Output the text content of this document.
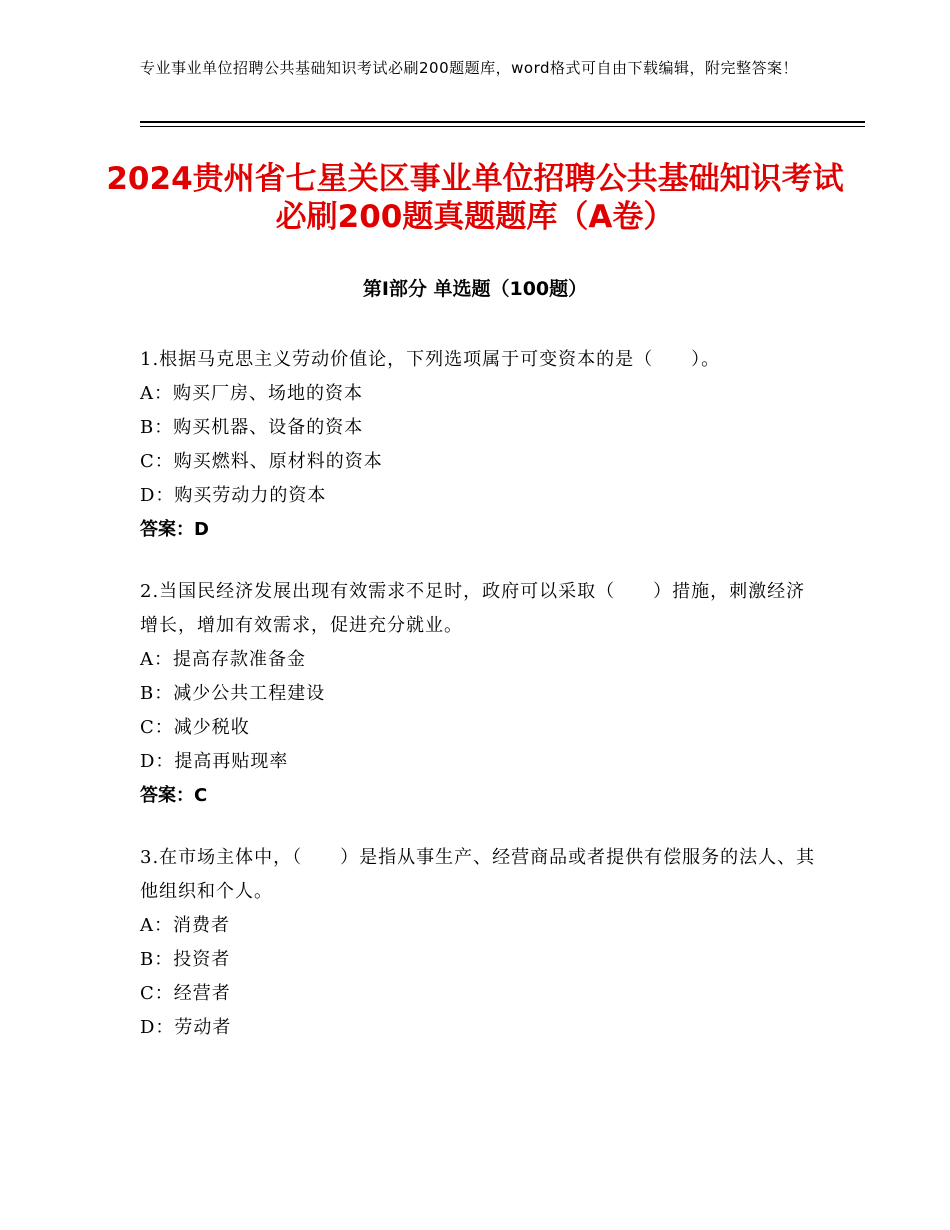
专业事业单位招聘公共基础知识考试必刷200题题库，word格式可自由下载编辑，附完整答案！
2024贵州省七星关区事业单位招聘公共基础知识考试必刷200题真题题库（A卷）
第Ⅰ部分 单选题（100题）
1.根据马克思主义劳动价值论，下列选项属于可变资本的是（　　）。
A：购买厂房、场地的资本
B：购买机器、设备的资本
C：购买燃料、原材料的资本
D：购买劳动力的资本
答案：D
2.当国民经济发展出现有效需求不足时，政府可以采取（　　）措施，刺激经济增长，增加有效需求，促进充分就业。
A：提高存款准备金
B：减少公共工程建设
C：减少税收
D：提高再贴现率
答案：C
3.在市场主体中，（　　）是指从事生产、经营商品或者提供有偿服务的法人、其他组织和个人。
A：消费者
B：投资者
C：经营者
D：劳动者
